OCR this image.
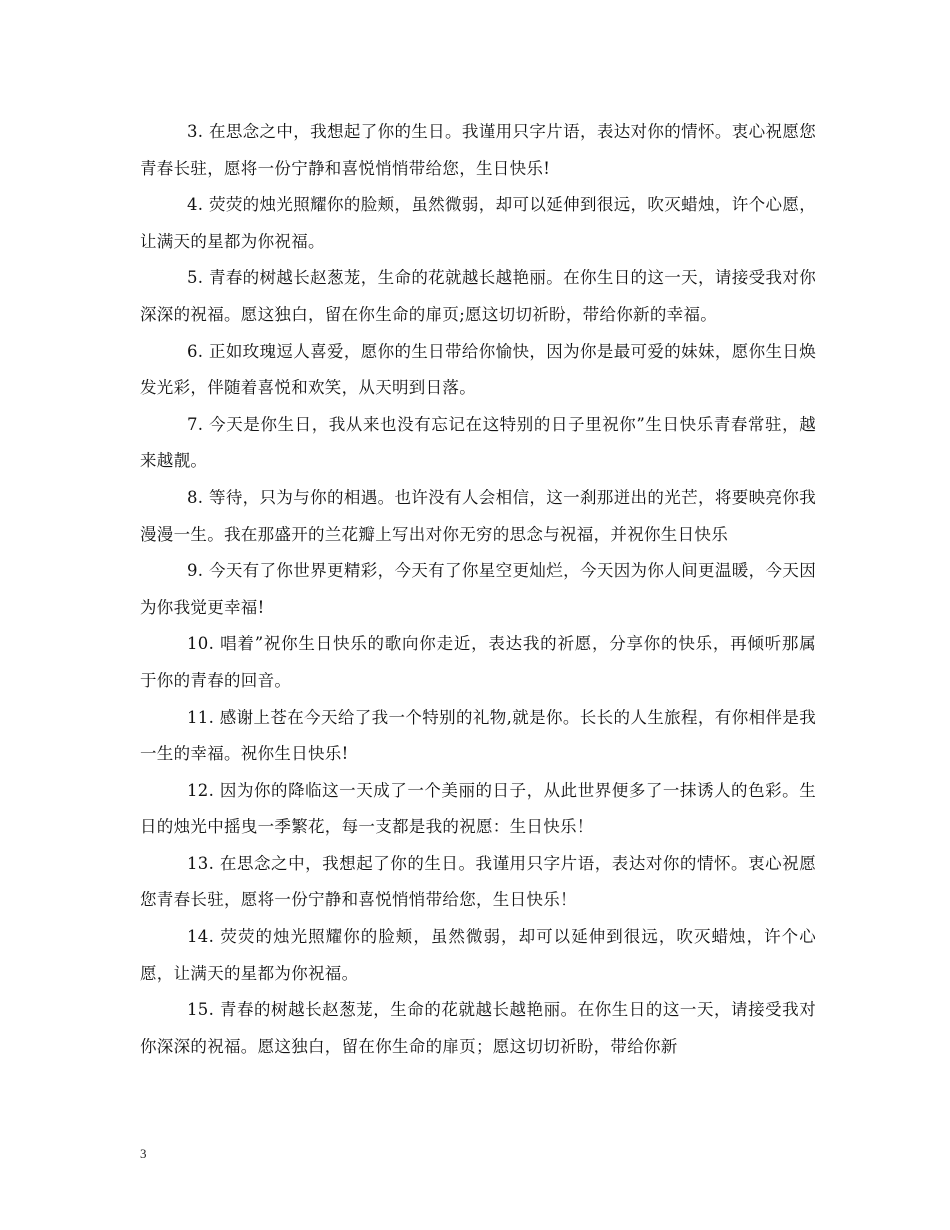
3. 在思念之中，我想起了你的生日。我谨用只字片语，表达对你的情怀。衷心祝愿您青春长驻，愿将一份宁静和喜悦悄悄带给您，生日快乐!

4. 荧荧的烛光照耀你的脸颊，虽然微弱，却可以延伸到很远，吹灭蜡烛，许个心愿，让满天的星都为你祝福。

5. 青春的树越长赵葱茏，生命的花就越长越艳丽。在你生日的这一天，请接受我对你深深的祝福。愿这独白，留在你生命的扉页;愿这切切祈盼，带给你新的幸福。

6. 正如玫瑰逗人喜爱，愿你的生日带给你愉快，因为你是最可爱的妹妹，愿你生日焕发光彩，伴随着喜悦和欢笑，从天明到日落。

7. 今天是你生日，我从来也没有忘记在这特别的日子里祝你”生日快乐青春常驻，越来越靓。

8. 等待，只为与你的相遇。也许没有人会相信，这一刹那迸出的光芒，将要映亮你我漫漫一生。我在那盛开的兰花瓣上写出对你无穷的思念与祝福，并祝你生日快乐

9. 今天有了你世界更精彩，今天有了你星空更灿烂，今天因为你人间更温暖，今天因为你我觉更幸福!

10. 唱着”祝你生日快乐的歌向你走近，表达我的祈愿，分享你的快乐，再倾听那属于你的青春的回音。

11. 感谢上苍在今天给了我一个特别的礼物,就是你。长长的人生旅程，有你相伴是我一生的幸福。祝你生日快乐!

12. 因为你的降临这一天成了一个美丽的日子，从此世界便多了一抹诱人的色彩。生日的烛光中摇曳一季繁花，每一支都是我的祝愿：生日快乐！

13. 在思念之中，我想起了你的生日。我谨用只字片语，表达对你的情怀。衷心祝愿您青春长驻，愿将一份宁静和喜悦悄悄带给您，生日快乐！

14. 荧荧的烛光照耀你的脸颊，虽然微弱，却可以延伸到很远，吹灭蜡烛，许个心愿，让满天的星都为你祝福。

15. 青春的树越长赵葱茏，生命的花就越长越艳丽。在你生日的这一天，请接受我对你深深的祝福。愿这独白，留在你生命的扉页；愿这切切祈盼，带给你新

3
